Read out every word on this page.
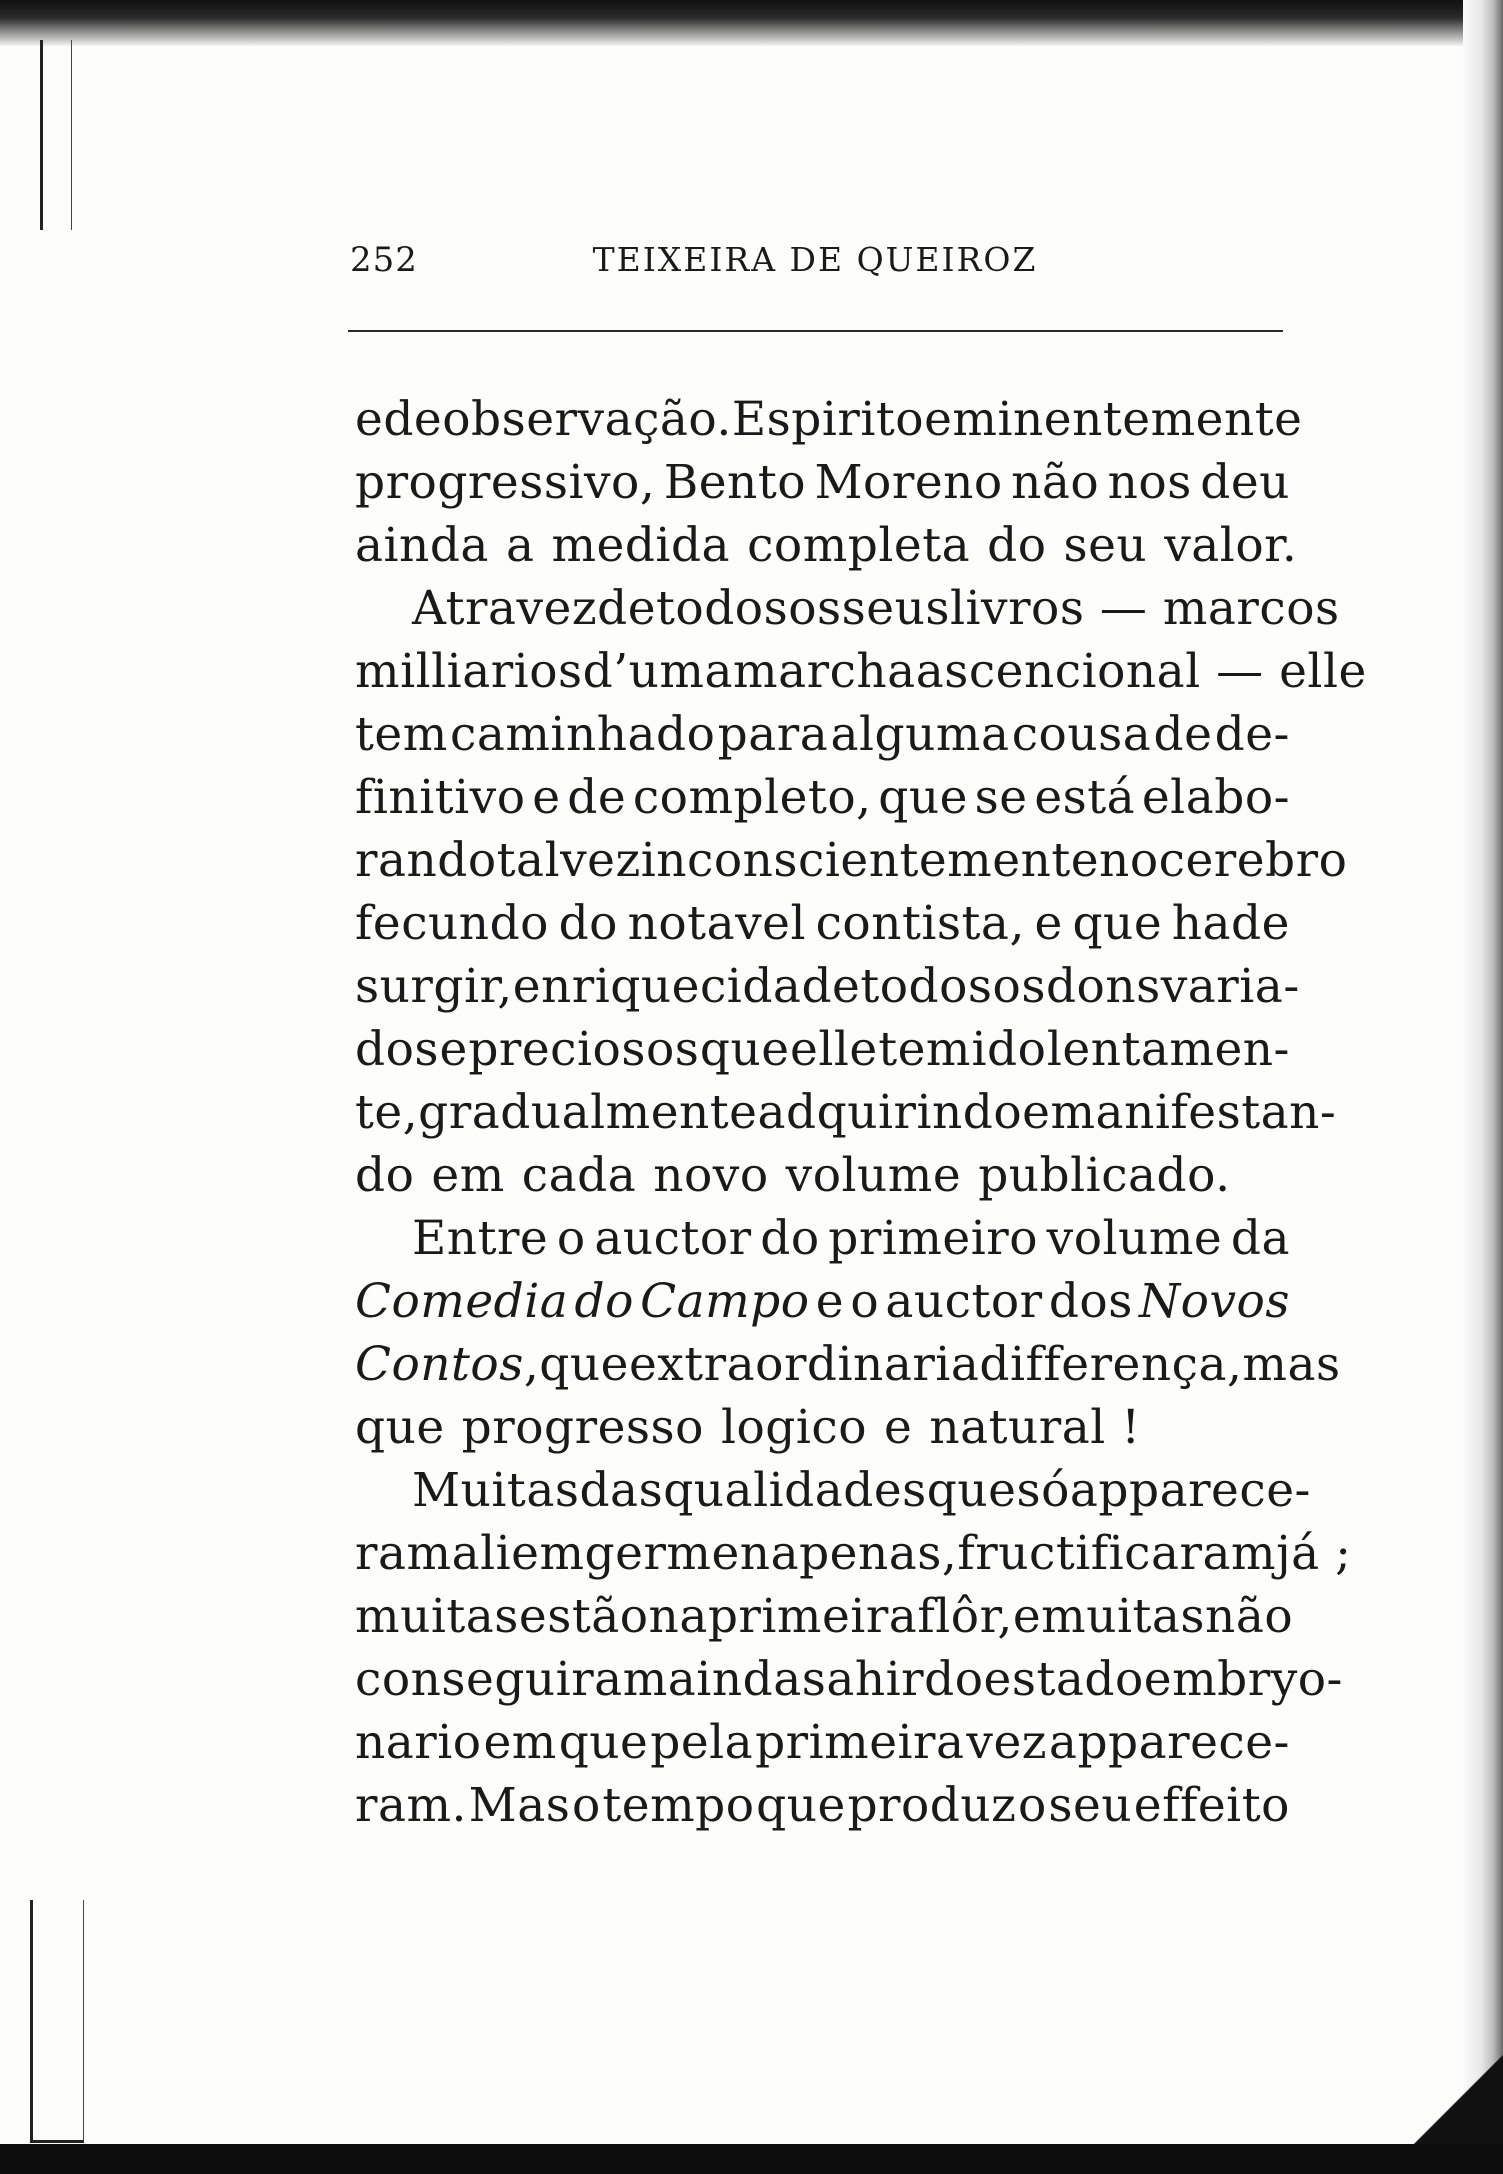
252	TEIXEIRA DE QUEIROZ
e de observação. Espirito eminentemente
progressivo, Bento Moreno não nos deu
ainda a medida completa do seu valor.
Atravez de todos os seus livros — marcos
milliarios d’uma marcha ascencional — elle
tem caminhado para alguma cousa de de-
finitivo e de completo, que se está elabo-
rando talvez inconscientemente no cerebro
fecundo do notavel contista, e que hade
surgir, enriquecida de todos os dons varia-
dos e preciosos que elle tem ido lentamen-
te, gradualmente adquirindo e manifestan-
do em cada novo volume publicado.
Entre o auctor do primeiro volume da
Comedia do Campo e o auctor dos Novos
Contos, que extraordinaria differença, mas
que progresso logico e natural !
Muitas das qualidades que só apparece-
ram ali em germen apenas, fructificaram já ;
muitas estão na primeira flôr, e muitas não
conseguiram ainda sahir do estado embryo-
nario em que pela primeira vez apparece-
ram. Mas o tempo que produz o seu effeito
